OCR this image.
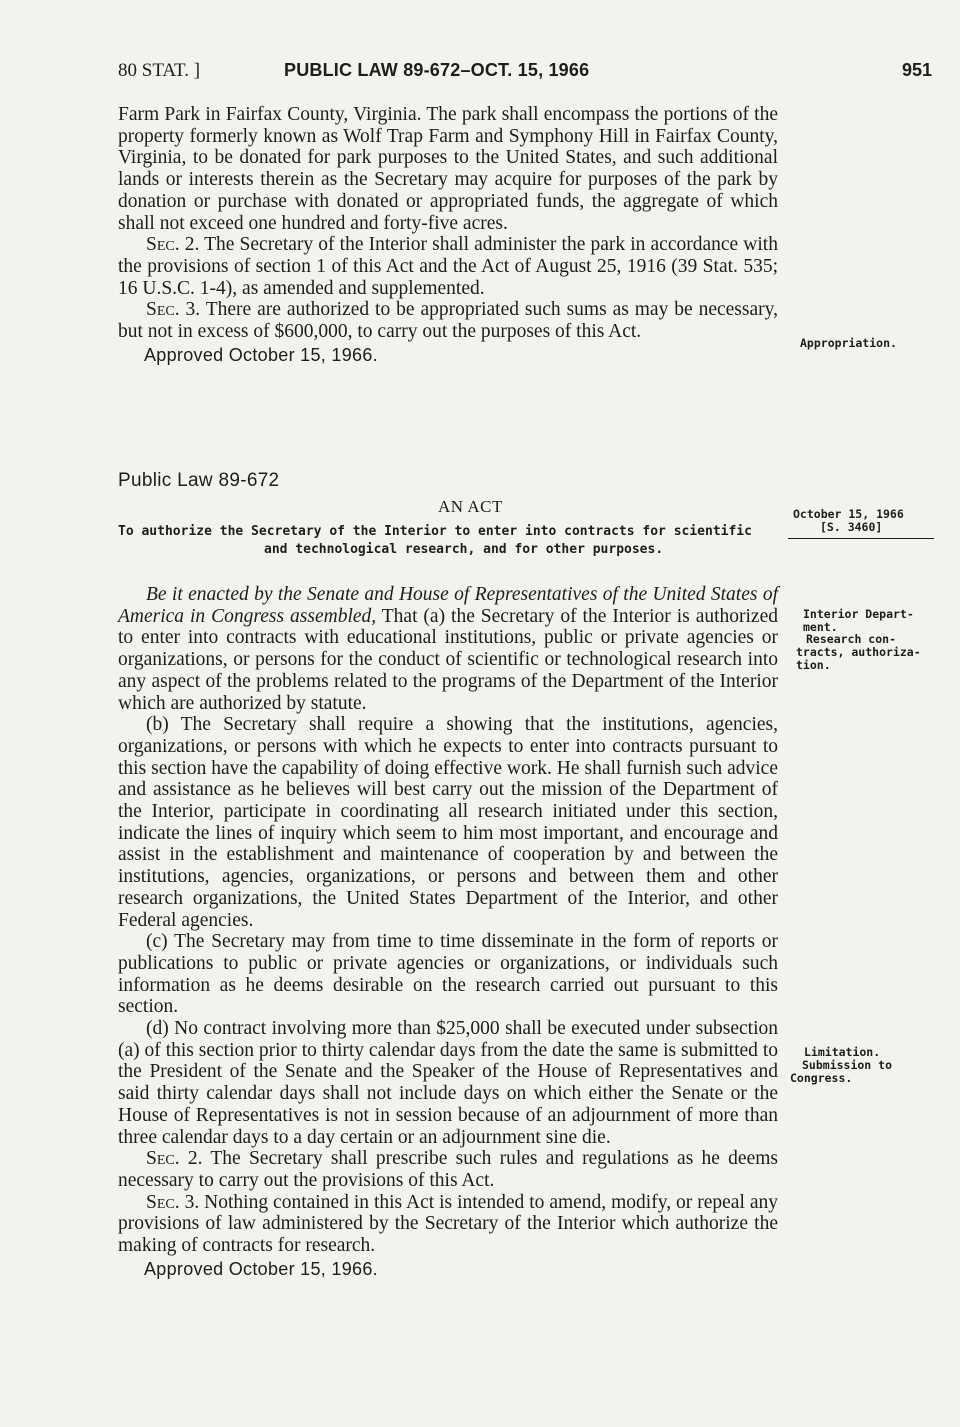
80 STAT. ]	PUBLIC LAW 89-672–OCT. 15, 1966	951

Farm Park in Fairfax County, Virginia. The park shall encompass the portions of the property formerly known as Wolf Trap Farm and Symphony Hill in Fairfax County, Virginia, to be donated for park purposes to the United States, and such additional lands or interests therein as the Secretary may acquire for purposes of the park by donation or purchase with donated or appropriated funds, the aggregate of which shall not exceed one hundred and forty-five acres.

Sec. 2. The Secretary of the Interior shall administer the park in accordance with the provisions of section 1 of this Act and the Act of August 25, 1916 (39 Stat. 535; 16 U.S.C. 1-4), as amended and supplemented.

Sec. 3. There are authorized to be appropriated such sums as may be necessary, but not in excess of $600,000, to carry out the purposes of this Act.

Approved October 15, 1966.

Public Law 89-672
AN ACT
To authorize the Secretary of the Interior to enter into contracts for scientific
and technological research, and for other purposes.

Be it enacted by the Senate and House of Representatives of the United States of America in Congress assembled, That (a) the Secretary of the Interior is authorized to enter into contracts with educational institutions, public or private agencies or organizations, or persons for the conduct of scientific or technological research into any aspect of the problems related to the programs of the Department of the Interior which are authorized by statute.

(b) The Secretary shall require a showing that the institutions, agencies, organizations, or persons with which he expects to enter into contracts pursuant to this section have the capability of doing effective work. He shall furnish such advice and assistance as he believes will best carry out the mission of the Department of the Interior, participate in coordinating all research initiated under this section, indicate the lines of inquiry which seem to him most important, and encourage and assist in the establishment and maintenance of cooperation by and between the institutions, agencies, organizations, or persons and between them and other research organizations, the United States Department of the Interior, and other Federal agencies.

(c) The Secretary may from time to time disseminate in the form of reports or publications to public or private agencies or organizations, or individuals such information as he deems desirable on the research carried out pursuant to this section.

(d) No contract involving more than $25,000 shall be executed under subsection (a) of this section prior to thirty calendar days from the date the same is submitted to the President of the Senate and the Speaker of the House of Representatives and said thirty calendar days shall not include days on which either the Senate or the House of Representatives is not in session because of an adjournment of more than three calendar days to a day certain or an adjournment sine die.

Sec. 2. The Secretary shall prescribe such rules and regulations as he deems necessary to carry out the provisions of this Act.

Sec. 3. Nothing contained in this Act is intended to amend, modify, or repeal any provisions of law administered by the Secretary of the Interior which authorize the making of contracts for research.

Approved October 15, 1966.

Appropriation.
October 15, 1966
[S. 3460]
Interior Depart-
ment.
Research con-
tracts, authoriza-
tion.
Limitation.
Submission to
Congress.
